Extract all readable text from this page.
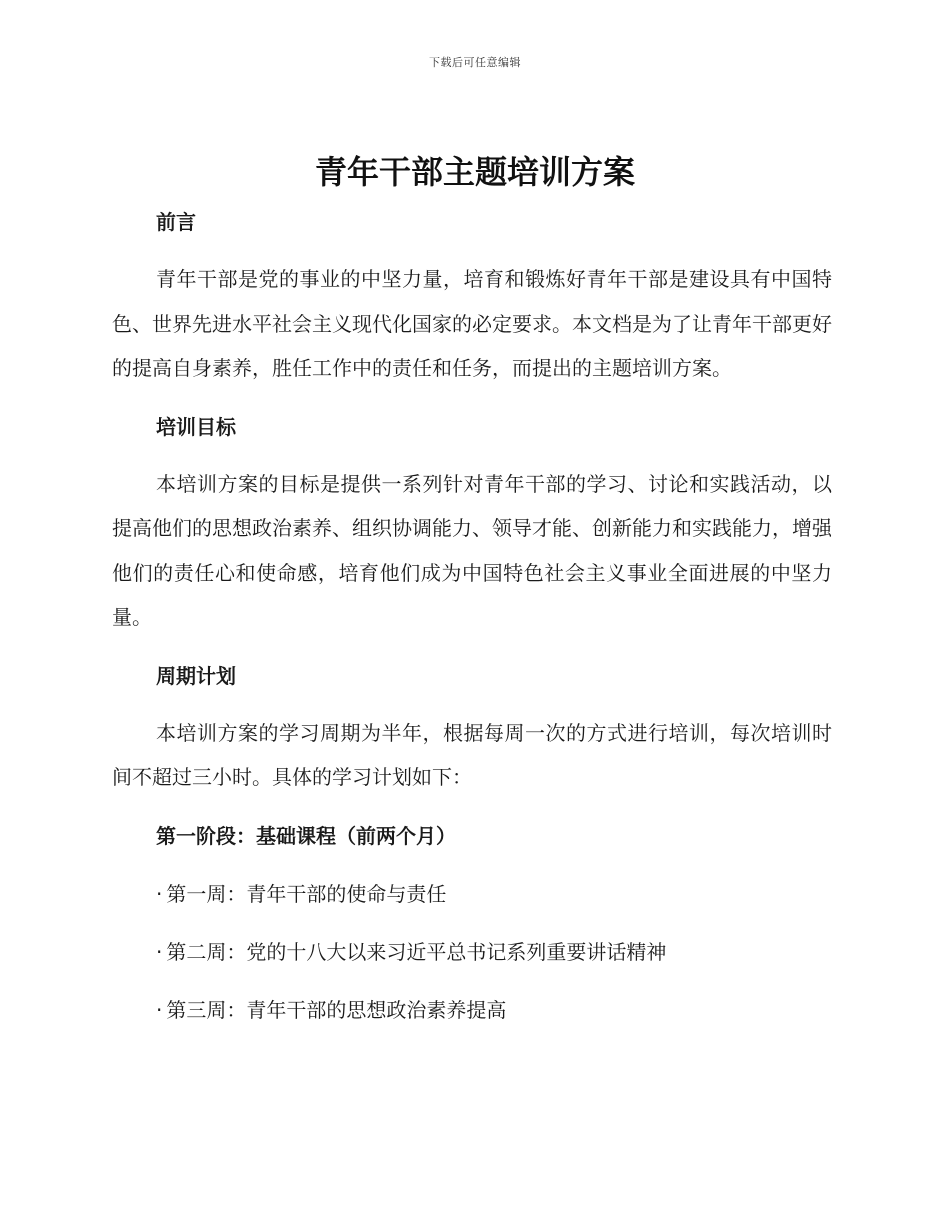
下载后可任意编辑
青年干部主题培训方案
前言

青年干部是党的事业的中坚力量，培育和锻炼好青年干部是建设具有中国特色、世界先进水平社会主义现代化国家的必定要求。本文档是为了让青年干部更好的提高自身素养，胜任工作中的责任和任务，而提出的主题培训方案。

培训目标

本培训方案的目标是提供一系列针对青年干部的学习、讨论和实践活动，以提高他们的思想政治素养、组织协调能力、领导才能、创新能力和实践能力，增强他们的责任心和使命感，培育他们成为中国特色社会主义事业全面进展的中坚力量。

周期计划

本培训方案的学习周期为半年，根据每周一次的方式进行培训，每次培训时间不超过三小时。具体的学习计划如下：

第一阶段：基础课程（前两个月）

· 第一周：青年干部的使命与责任

· 第二周：党的十八大以来习近平总书记系列重要讲话精神

· 第三周：青年干部的思想政治素养提高
